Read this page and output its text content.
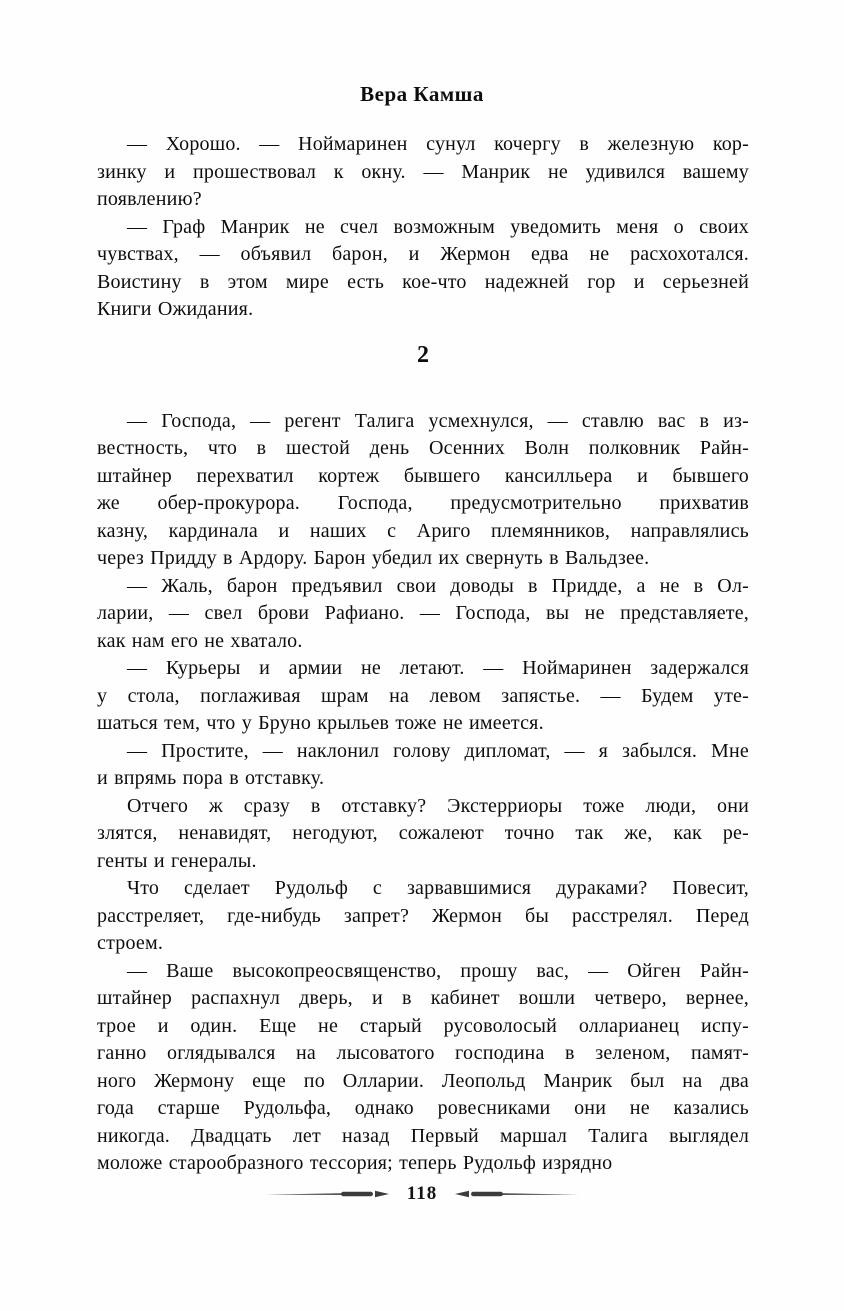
Вера Камша
— Хорошо. — Ноймаринен сунул кочергу в железную кор-
зинку и прошествовал к окну. — Манрик не удивился вашему
появлению?
— Граф Манрик не счел возможным уведомить меня о своих
чувствах, — объявил барон, и Жермон едва не расхохотался.
Воистину в этом мире есть кое-что надежней гор и серьезней
Книги Ожидания.
2
— Господа, — регент Талига усмехнулся, — ставлю вас в из-
вестность, что в шестой день Осенних Волн полковник Райн-
штайнер перехватил кортеж бывшего кансилльера и бывшего
же обер-прокурора. Господа, предусмотрительно прихватив
казну, кардинала и наших с Ариго племянников, направлялись
через Придду в Ардору. Барон убедил их свернуть в Вальдзее.
— Жаль, барон предъявил свои доводы в Придде, а не в Ол-
ларии, — свел брови Рафиано. — Господа, вы не представляете,
как нам его не хватало.
— Курьеры и армии не летают. — Ноймаринен задержался
у стола, поглаживая шрам на левом запястье. — Будем уте-
шаться тем, что у Бруно крыльев тоже не имеется.
— Простите, — наклонил голову дипломат, — я забылся. Мне
и впрямь пора в отставку.
Отчего ж сразу в отставку? Экстерриоры тоже люди, они
злятся, ненавидят, негодуют, сожалеют точно так же, как ре-
генты и генералы.
Что сделает Рудольф с зарвавшимися дураками? Повесит,
расстреляет, где-нибудь запрет? Жермон бы расстрелял. Перед
строем.
— Ваше высокопреосвященство, прошу вас, — Ойген Райн-
штайнер распахнул дверь, и в кабинет вошли четверо, вернее,
трое и один. Еще не старый русоволосый олларианец испу-
ганно оглядывался на лысоватого господина в зеленом, памят-
ного Жермону еще по Олларии. Леопольд Манрик был на два
года старше Рудольфа, однако ровесниками они не казались
никогда. Двадцать лет назад Первый маршал Талига выглядел
моложе старообразного тессория; теперь Рудольф изрядно
118
